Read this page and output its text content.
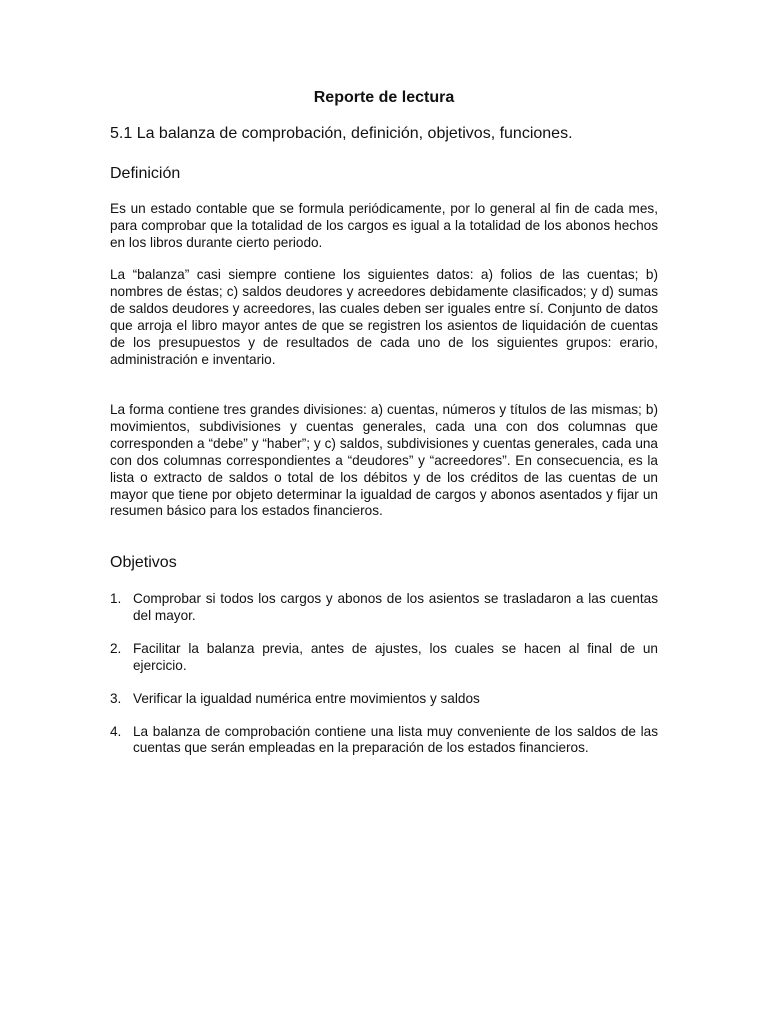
Reporte de lectura
5.1 La balanza de comprobación, definición, objetivos, funciones.
Definición

Es un estado contable que se formula periódicamente, por lo general al fin de cada mes, para comprobar que la totalidad de los cargos es igual a la totalidad de los abonos hechos en los libros durante cierto periodo.

La “balanza” casi siempre contiene los siguientes datos: a) folios de las cuentas; b) nombres de éstas; c) saldos deudores y acreedores debidamente clasificados; y d) sumas de saldos deudores y acreedores, las cuales deben ser iguales entre sí. Conjunto de datos que arroja el libro mayor antes de que se registren los asientos de liquidación de cuentas de los presupuestos y de resultados de cada uno de los siguientes grupos: erario, administración e inventario.

La forma contiene tres grandes divisiones: a) cuentas, números y títulos de las mismas; b) movimientos, subdivisiones y cuentas generales, cada una con dos columnas que corresponden a “debe” y “haber”; y c) saldos, subdivisiones y cuentas generales, cada una con dos columnas correspondientes a “deudores” y “acreedores”. En consecuencia, es la lista o extracto de saldos o total de los débitos y de los créditos de las cuentas de un mayor que tiene por objeto determinar la igualdad de cargos y abonos asentados y fijar un resumen básico para los estados financieros.

Objetivos
1. Comprobar si todos los cargos y abonos de los asientos se trasladaron a las cuentas del mayor.
2. Facilitar la balanza previa, antes de ajustes, los cuales se hacen al final de un ejercicio.
3. Verificar la igualdad numérica entre movimientos y saldos
4. La balanza de comprobación contiene una lista muy conveniente de los saldos de las cuentas que serán empleadas en la preparación de los estados financieros.
